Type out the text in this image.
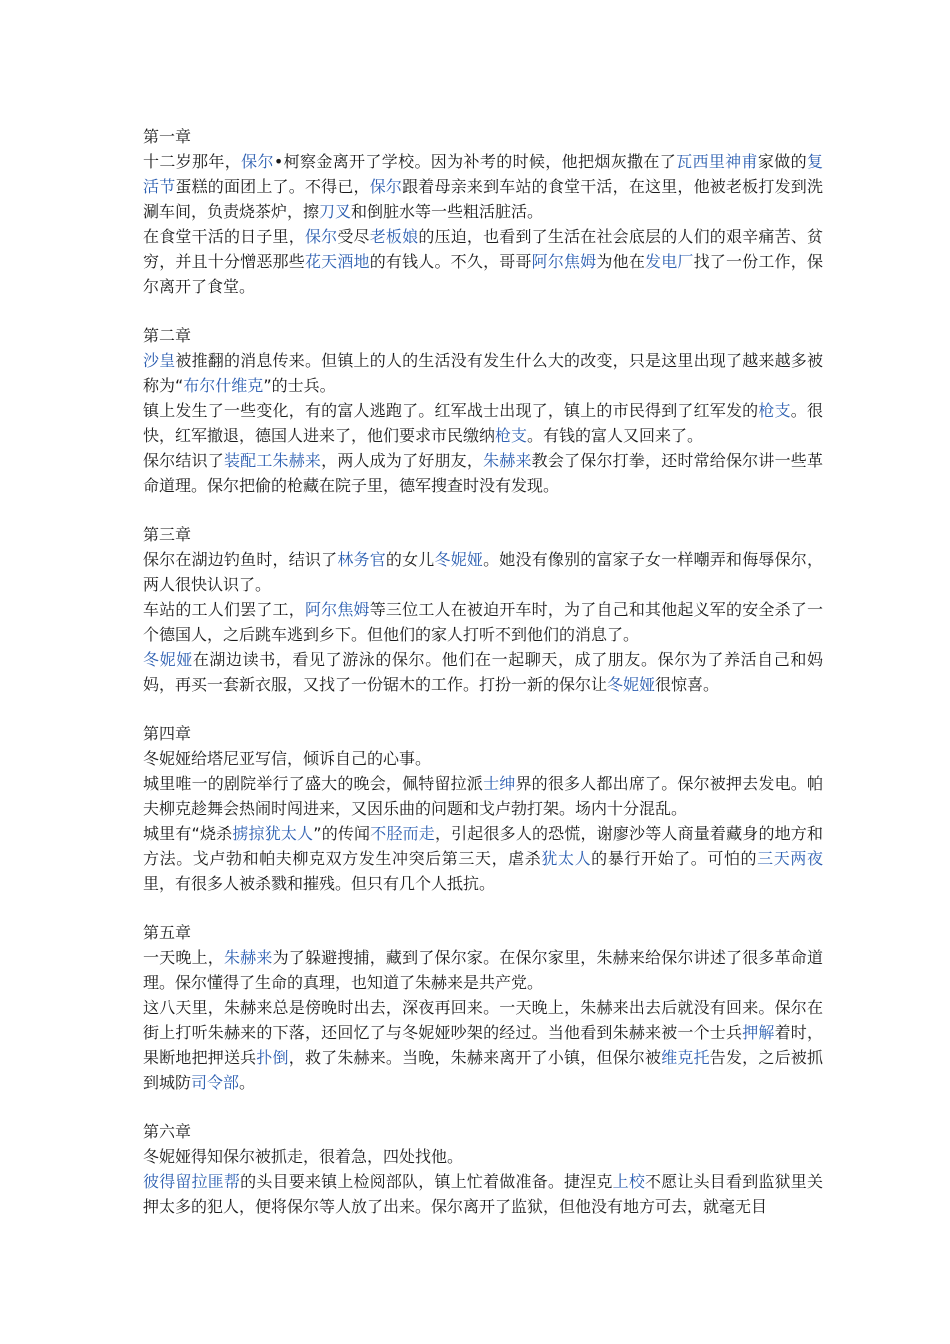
第一章

十二岁那年，保尔•柯察金离开了学校。因为补考的时候，他把烟灰撒在了瓦西里神甫家做的复活节蛋糕的面团上了。不得已，保尔跟着母亲来到车站的食堂干活，在这里，他被老板打发到洗涮车间，负责烧茶炉，擦刀叉和倒脏水等一些粗活脏活。

在食堂干活的日子里，保尔受尽老板娘的压迫，也看到了生活在社会底层的人们的艰辛痛苦、贫穷，并且十分憎恶那些花天酒地的有钱人。不久，哥哥阿尔焦姆为他在发电厂找了一份工作，保尔离开了食堂。

第二章

沙皇被推翻的消息传来。但镇上的人的生活没有发生什么大的改变，只是这里出现了越来越多被称为“布尔什维克”的士兵。

镇上发生了一些变化，有的富人逃跑了。红军战士出现了，镇上的市民得到了红军发的枪支。很快，红军撤退，德国人进来了，他们要求市民缴纳枪支。有钱的富人又回来了。

保尔结识了装配工朱赫来，两人成为了好朋友，朱赫来教会了保尔打拳，还时常给保尔讲一些革命道理。保尔把偷的枪藏在院子里，德军搜查时没有发现。

第三章

保尔在湖边钓鱼时，结识了林务官的女儿冬妮娅。她没有像别的富家子女一样嘲弄和侮辱保尔，两人很快认识了。

车站的工人们罢了工，阿尔焦姆等三位工人在被迫开车时，为了自己和其他起义军的安全杀了一个德国人，之后跳车逃到乡下。但他们的家人打听不到他们的消息了。

冬妮娅在湖边读书，看见了游泳的保尔。他们在一起聊天，成了朋友。保尔为了养活自己和妈妈，再买一套新衣服，又找了一份锯木的工作。打扮一新的保尔让冬妮娅很惊喜。

第四章

冬妮娅给塔尼亚写信，倾诉自己的心事。

城里唯一的剧院举行了盛大的晚会，佩特留拉派士绅界的很多人都出席了。保尔被押去发电。帕夫柳克趁舞会热闹时闯进来，又因乐曲的问题和戈卢勃打架。场内十分混乱。

城里有“烧杀掳掠犹太人”的传闻不胫而走，引起很多人的恐慌，谢廖沙等人商量着藏身的地方和方法。戈卢勃和帕夫柳克双方发生冲突后第三天，虐杀犹太人的暴行开始了。可怕的三天两夜里，有很多人被杀戮和摧残。但只有几个人抵抗。

第五章

一天晚上，朱赫来为了躲避搜捕，藏到了保尔家。在保尔家里，朱赫来给保尔讲述了很多革命道理。保尔懂得了生命的真理，也知道了朱赫来是共产党。

这八天里，朱赫来总是傍晚时出去，深夜再回来。一天晚上，朱赫来出去后就没有回来。保尔在街上打听朱赫来的下落，还回忆了与冬妮娅吵架的经过。当他看到朱赫来被一个士兵押解着时，果断地把押送兵扑倒，救了朱赫来。当晚，朱赫来离开了小镇，但保尔被维克托告发，之后被抓到城防司令部。

第六章

冬妮娅得知保尔被抓走，很着急，四处找他。

彼得留拉匪帮的头目要来镇上检阅部队，镇上忙着做准备。捷涅克上校不愿让头目看到监狱里关押太多的犯人，便将保尔等人放了出来。保尔离开了监狱，但他没有地方可去，就毫无目
